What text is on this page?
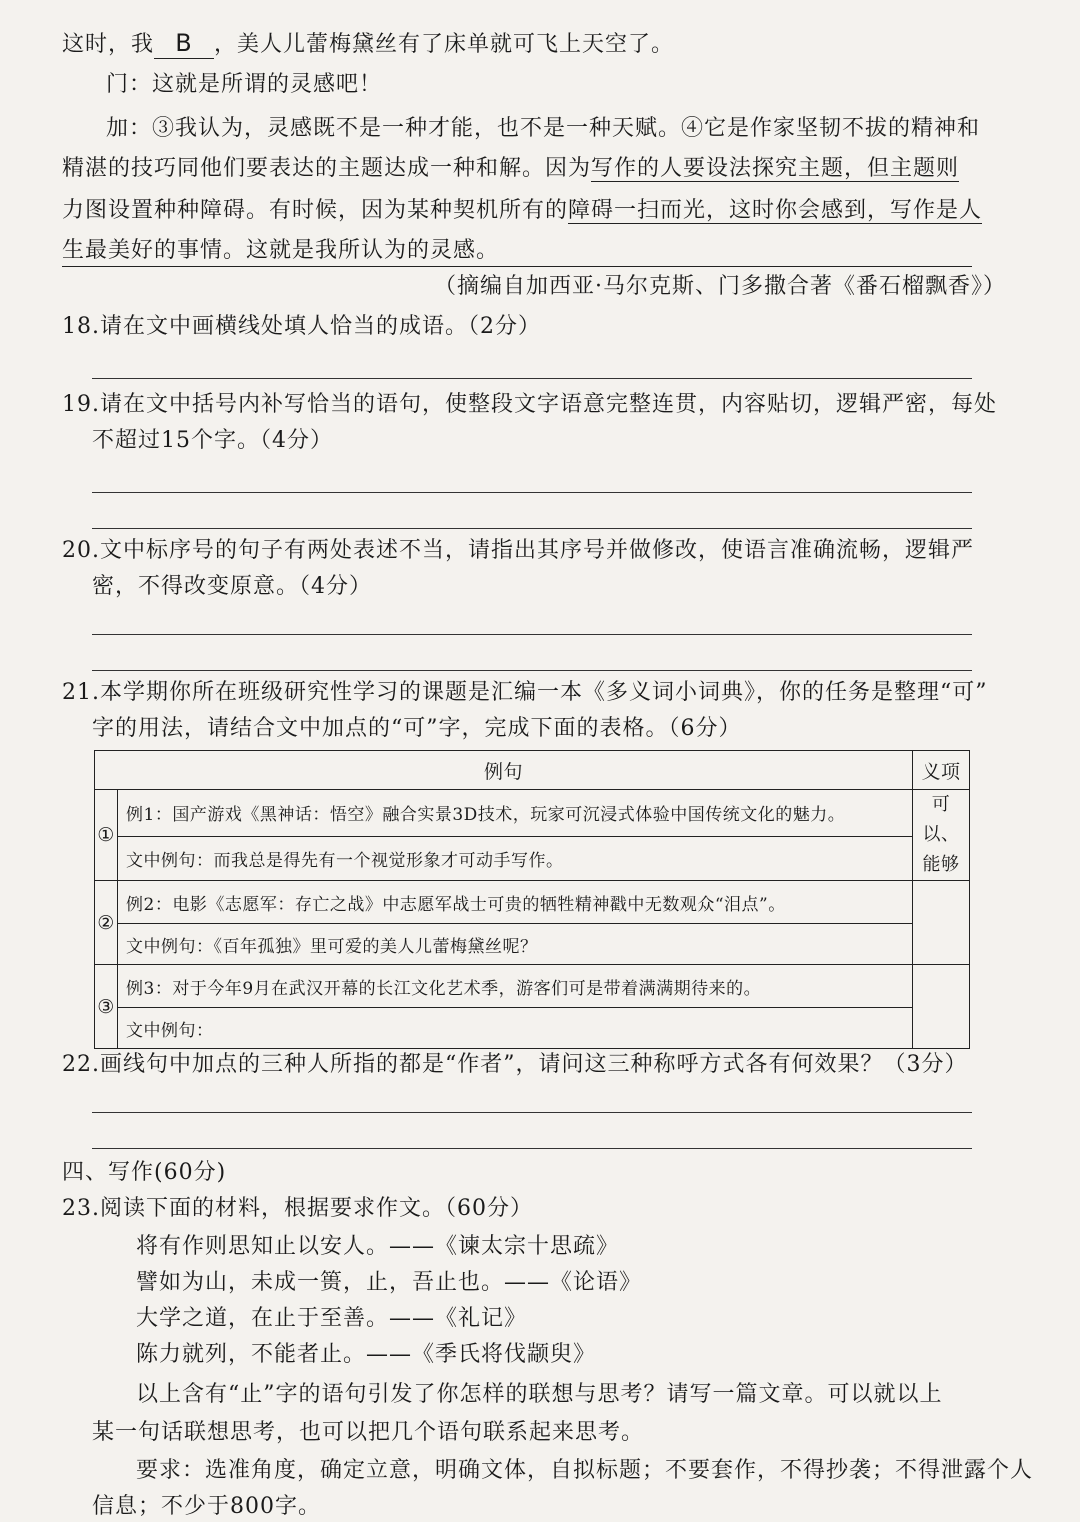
这时，我 B ，美人儿蕾梅黛丝有了床单就可飞上天空了。
门：这就是所谓的灵感吧！
加：③我认为，灵感既不是一种才能，也不是一种天赋。④它是作家坚韧不拔的精神和
精湛的技巧同他们要表达的主题达成一种和解。因为写作的人要设法探究主题，但主题则
力图设置种种障碍。有时候，因为某种契机所有的障碍一扫而光，这时你会感到，写作是人
生最美好的事情。这就是我所认为的灵感。
（摘编自加西亚·马尔克斯、门多撒合著《番石榴飘香》）
18.请在文中画横线处填人恰当的成语。（2分）
19.请在文中括号内补写恰当的语句，使整段文字语意完整连贯，内容贴切，逻辑严密，每处
不超过15个字。（4分）
20.文中标序号的句子有两处表述不当，请指出其序号并做修改，使语言准确流畅，逻辑严
密，不得改变原意。（4分）
21.本学期你所在班级研究性学习的课题是汇编一本《多义词小词典》，你的任务是整理“可”
字的用法，请结合文中加点的“可”字，完成下面的表格。（6分）
例句		义项
①	例1：国产游戏《黑神话：悟空》融合实景3D技术，玩家可沉浸式体验中国传统文化的魅力。	可以、能够
	文中例句：而我总是得先有一个视觉形象才可动手写作。	
②	例2：电影《志愿军：存亡之战》中志愿军战士可贵的牺牲精神戳中无数观众“泪点”。	
	文中例句：《百年孤独》里可爱的美人儿蕾梅黛丝呢？	
③	例3：对于今年9月在武汉开幕的长江文化艺术季，游客们可是带着满满期待来的。	
	文中例句：	
22.画线句中加点的三种人所指的都是“作者”，请问这三种称呼方式各有何效果？（3分）
四、写作(60分)
23.阅读下面的材料，根据要求作文。（60分）
将有作则思知止以安人。——《谏太宗十思疏》
譬如为山，未成一篑，止，吾止也。——《论语》
大学之道，在止于至善。——《礼记》
陈力就列，不能者止。——《季氏将伐颛臾》
以上含有“止”字的语句引发了你怎样的联想与思考？请写一篇文章。可以就以上
某一句话联想思考，也可以把几个语句联系起来思考。
要求：选准角度，确定立意，明确文体，自拟标题；不要套作，不得抄袭；不得泄露个人
信息；不少于800字。
